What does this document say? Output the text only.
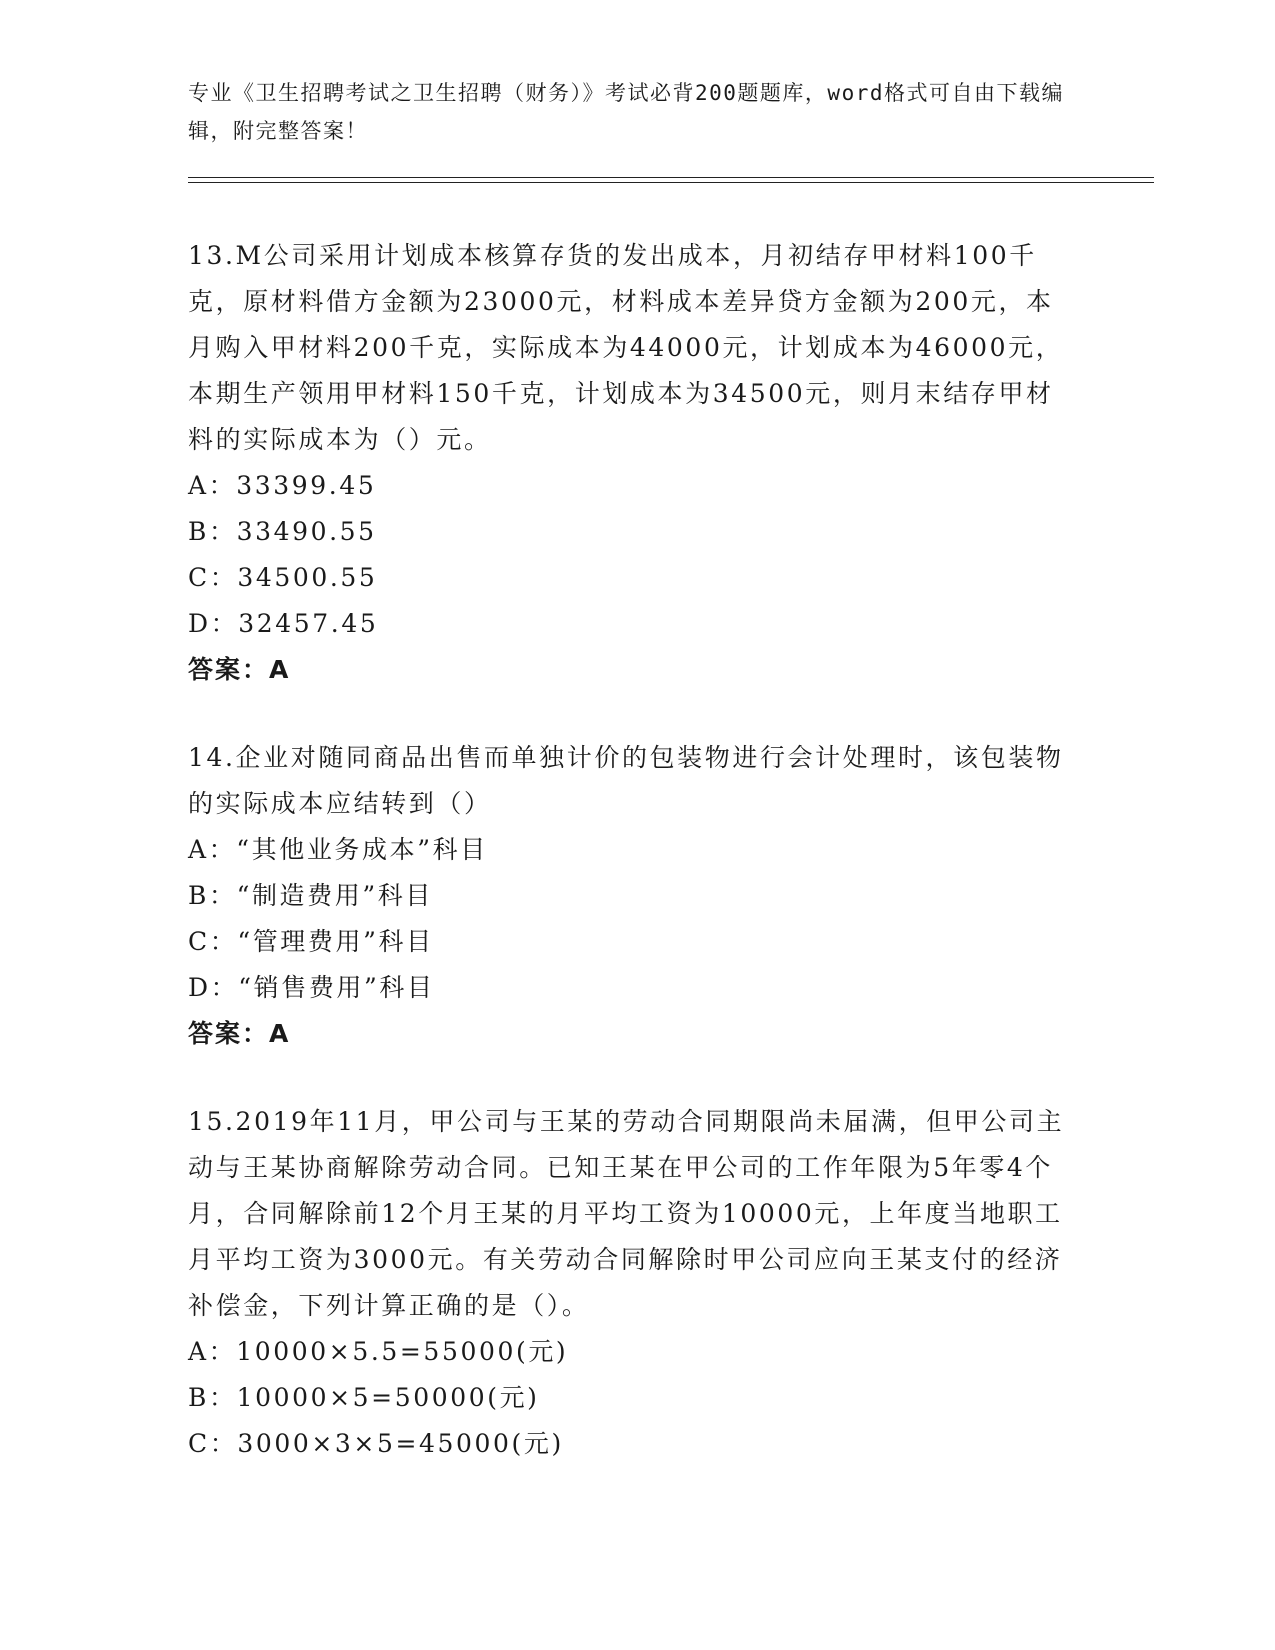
专业《卫生招聘考试之卫生招聘（财务）》考试必背200题题库，word格式可自由下载编辑，附完整答案！

13.M公司采用计划成本核算存货的发出成本，月初结存甲材料100千克，原材料借方金额为23000元，材料成本差异贷方金额为200元，本月购入甲材料200千克，实际成本为44000元，计划成本为46000元，本期生产领用甲材料150千克，计划成本为34500元，则月末结存甲材料的实际成本为（）元。

A：33399.45
B：33490.55
C：34500.55
D：32457.45
答案：A

14.企业对随同商品出售而单独计价的包装物进行会计处理时，该包装物的实际成本应结转到（）

A：“其他业务成本”科目
B：“制造费用”科目
C：“管理费用”科目
D：“销售费用”科目
答案：A

15.2019年11月，甲公司与王某的劳动合同期限尚未届满，但甲公司主动与王某协商解除劳动合同。已知王某在甲公司的工作年限为5年零4个月，合同解除前12个月王某的月平均工资为10000元，上年度当地职工月平均工资为3000元。有关劳动合同解除时甲公司应向王某支付的经济补偿金，下列计算正确的是（）。

A：10000×5.5=55000(元)
B：10000×5=50000(元)
C：3000×3×5=45000(元)
